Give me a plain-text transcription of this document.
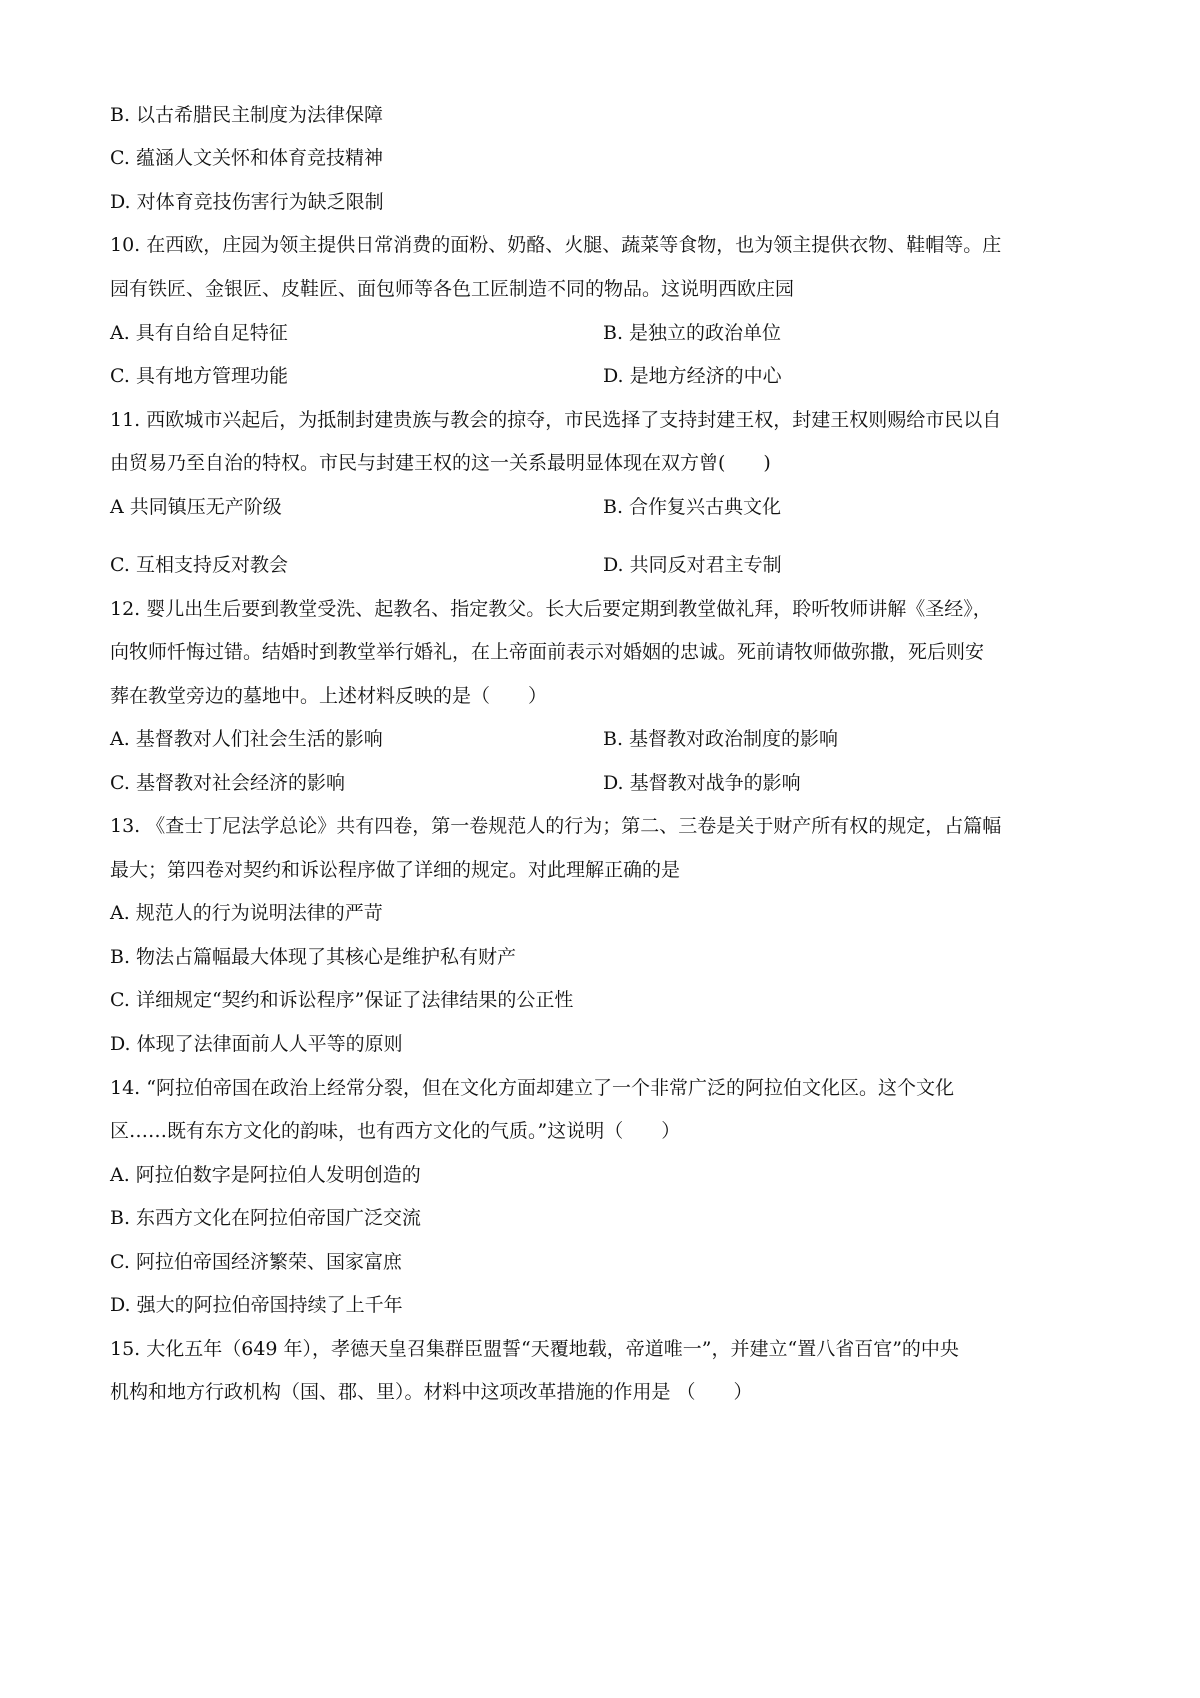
B. 以古希腊民主制度为法律保障
C. 蕴涵人文关怀和体育竞技精神
D. 对体育竞技伤害行为缺乏限制
10. 在西欧，庄园为领主提供日常消费的面粉、奶酪、火腿、蔬菜等食物，也为领主提供衣物、鞋帽等。庄
园有铁匠、金银匠、皮鞋匠、面包师等各色工匠制造不同的物品。这说明西欧庄园
A. 具有自给自足特征	B. 是独立的政治单位
C. 具有地方管理功能	D. 是地方经济的中心
11. 西欧城市兴起后，为抵制封建贵族与教会的掠夺，市民选择了支持封建王权，封建王权则赐给市民以自
由贸易乃至自治的特权。市民与封建王权的这一关系最明显体现在双方曾(　　)
A 共同镇压无产阶级	B. 合作复兴古典文化
C. 互相支持反对教会	D. 共同反对君主专制
12. 婴儿出生后要到教堂受洗、起教名、指定教父。长大后要定期到教堂做礼拜，聆听牧师讲解《圣经》，
向牧师忏悔过错。结婚时到教堂举行婚礼，在上帝面前表示对婚姻的忠诚。死前请牧师做弥撒，死后则安
葬在教堂旁边的墓地中。上述材料反映的是（　　）
A. 基督教对人们社会生活的影响	B. 基督教对政治制度的影响
C. 基督教对社会经济的影响	D. 基督教对战争的影响
13. 《查士丁尼法学总论》共有四卷，第一卷规范人的行为；第二、三卷是关于财产所有权的规定，占篇幅
最大；第四卷对契约和诉讼程序做了详细的规定。对此理解正确的是
A. 规范人的行为说明法律的严苛
B. 物法占篇幅最大体现了其核心是维护私有财产
C. 详细规定“契约和诉讼程序”保证了法律结果的公正性
D. 体现了法律面前人人平等的原则
14. “阿拉伯帝国在政治上经常分裂，但在文化方面却建立了一个非常广泛的阿拉伯文化区。这个文化
区……既有东方文化的韵味，也有西方文化的气质。”这说明（　　）
A. 阿拉伯数字是阿拉伯人发明创造的
B. 东西方文化在阿拉伯帝国广泛交流
C. 阿拉伯帝国经济繁荣、国家富庶
D. 强大的阿拉伯帝国持续了上千年
15. 大化五年（649 年），孝德天皇召集群臣盟誓“天覆地载，帝道唯一”，并建立“置八省百官”的中央
机构和地方行政机构（国、郡、里）。材料中这项改革措施的作用是 （　　）
